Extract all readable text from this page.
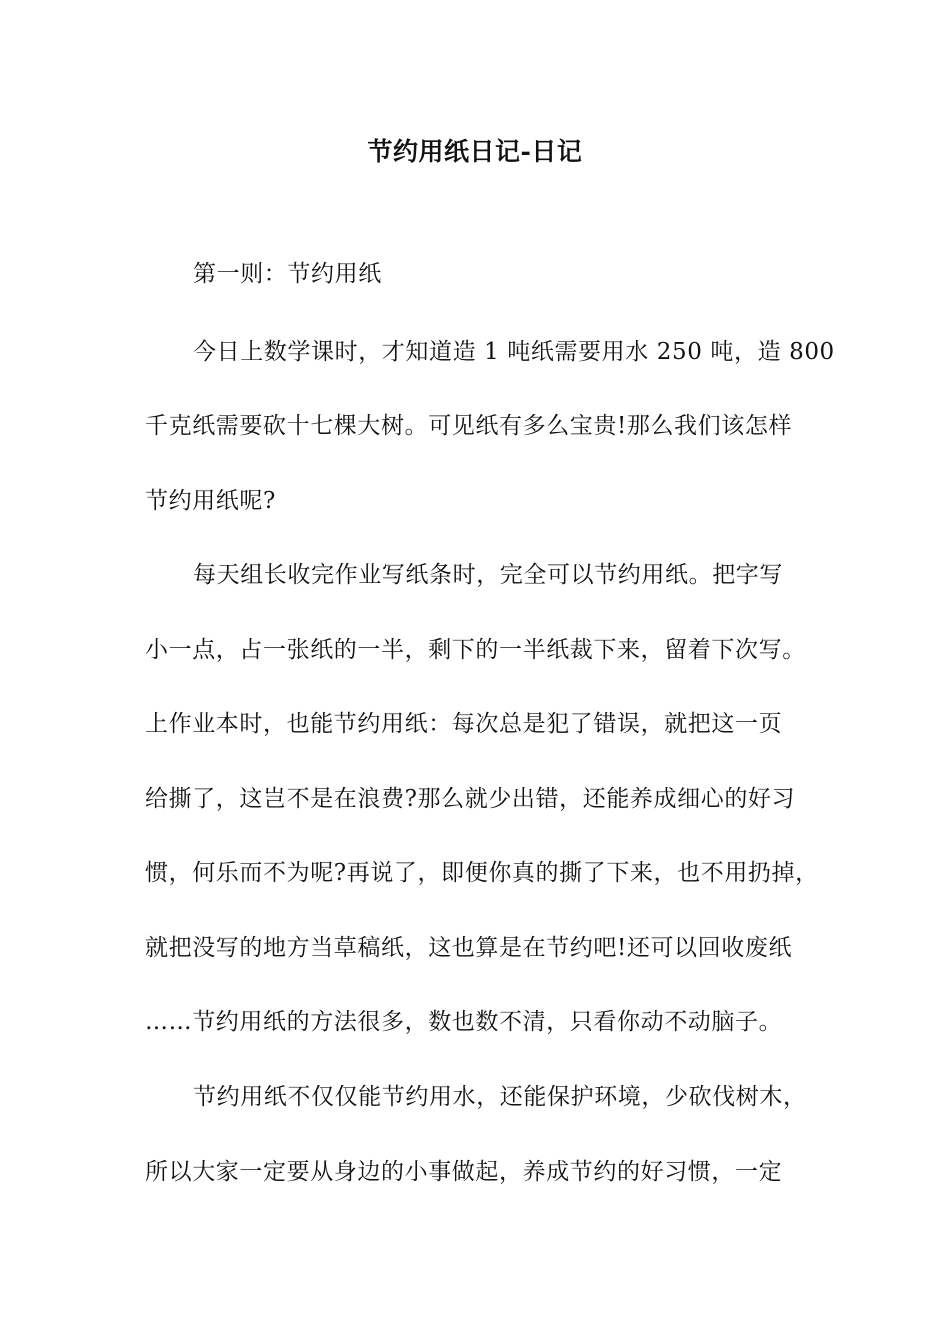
节约用纸日记-日记
第一则：节约用纸
今日上数学课时，才知道造 1 吨纸需要用水 250 吨，造 800
千克纸需要砍十七棵大树。可见纸有多么宝贵!那么我们该怎样
节约用纸呢?
每天组长收完作业写纸条时，完全可以节约用纸。把字写
小一点，占一张纸的一半，剩下的一半纸裁下来，留着下次写。
上作业本时，也能节约用纸：每次总是犯了错误，就把这一页
给撕了，这岂不是在浪费?那么就少出错，还能养成细心的好习
惯，何乐而不为呢?再说了，即便你真的撕了下来，也不用扔掉，
就把没写的地方当草稿纸，这也算是在节约吧!还可以回收废纸
……节约用纸的方法很多，数也数不清，只看你动不动脑子。
节约用纸不仅仅能节约用水，还能保护环境，少砍伐树木，
所以大家一定要从身边的小事做起，养成节约的好习惯，一定
